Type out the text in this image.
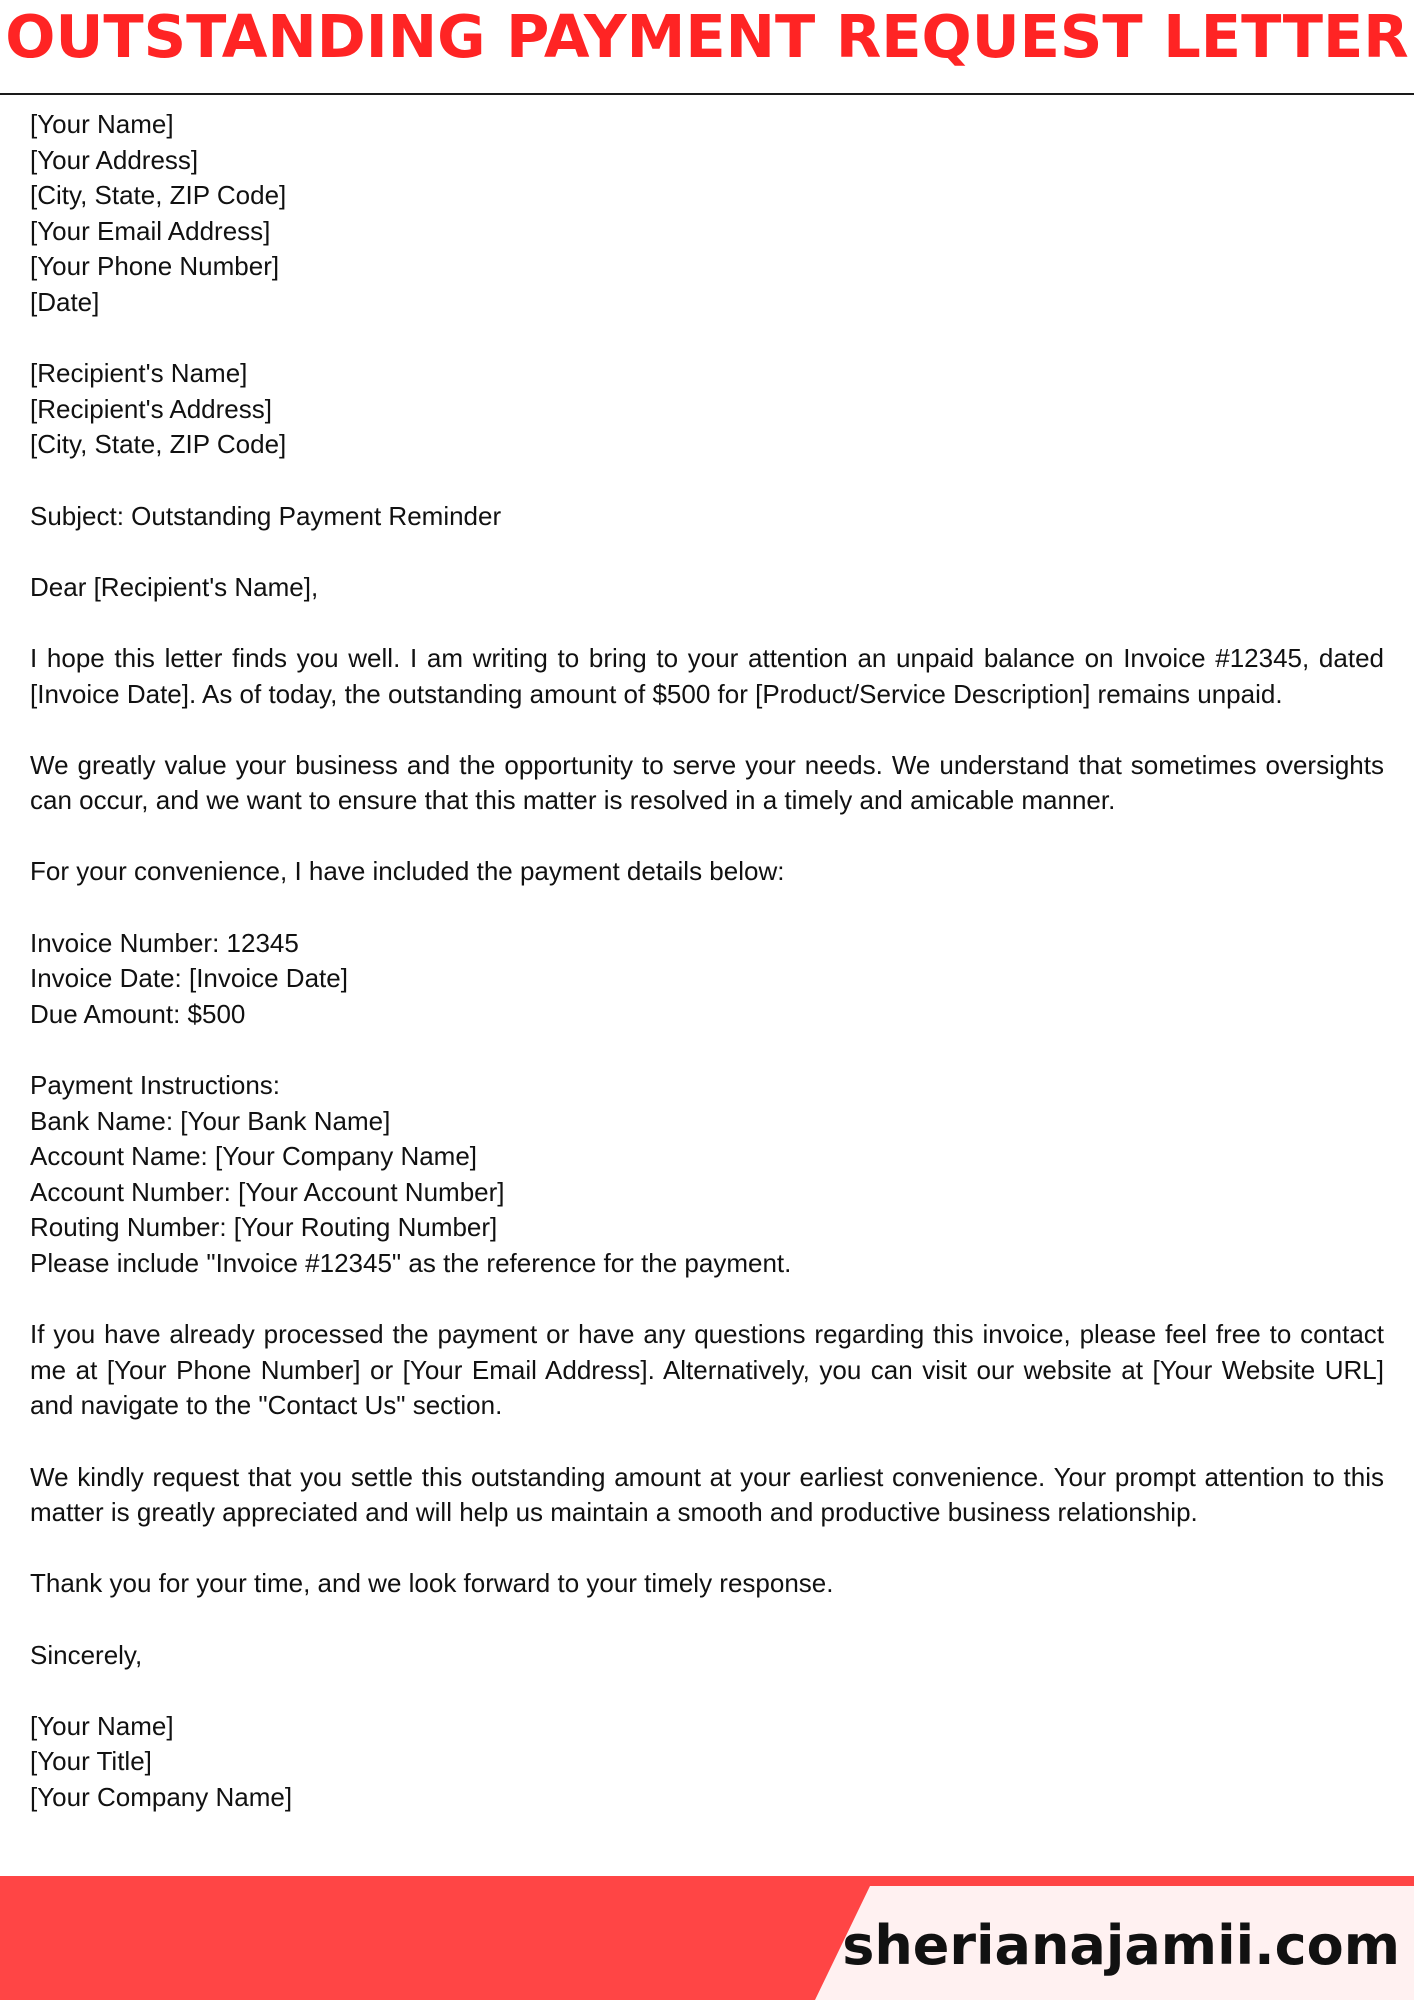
OUTSTANDING PAYMENT REQUEST LETTER
[Your Name]
[Your Address]
[City, State, ZIP Code]
[Your Email Address]
[Your Phone Number]
[Date]
[Recipient's Name]
[Recipient's Address]
[City, State, ZIP Code]

Subject: Outstanding Payment Reminder

Dear [Recipient's Name],

I hope this letter finds you well. I am writing to bring to your attention an unpaid balance on Invoice #12345, dated [Invoice Date]. As of today, the outstanding amount of $500 for [Product/Service Description] remains unpaid.

We greatly value your business and the opportunity to serve your needs. We understand that sometimes oversights can occur, and we want to ensure that this matter is resolved in a timely and amicable manner.

For your convenience, I have included the payment details below:

Invoice Number: 12345
Invoice Date: [Invoice Date]
Due Amount: $500
Payment Instructions:
Bank Name: [Your Bank Name]
Account Name: [Your Company Name]
Account Number: [Your Account Number]
Routing Number: [Your Routing Number]
Please include "Invoice #12345" as the reference for the payment.

If you have already processed the payment or have any questions regarding this invoice, please feel free to contact me at [Your Phone Number] or [Your Email Address]. Alternatively, you can visit our website at [Your Website URL] and navigate to the "Contact Us" section.

We kindly request that you settle this outstanding amount at your earliest convenience. Your prompt attention to this matter is greatly appreciated and will help us maintain a smooth and productive business relationship.

Thank you for your time, and we look forward to your timely response.

Sincerely,

[Your Name]
[Your Title]
[Your Company Name]
sherianajamii.com
